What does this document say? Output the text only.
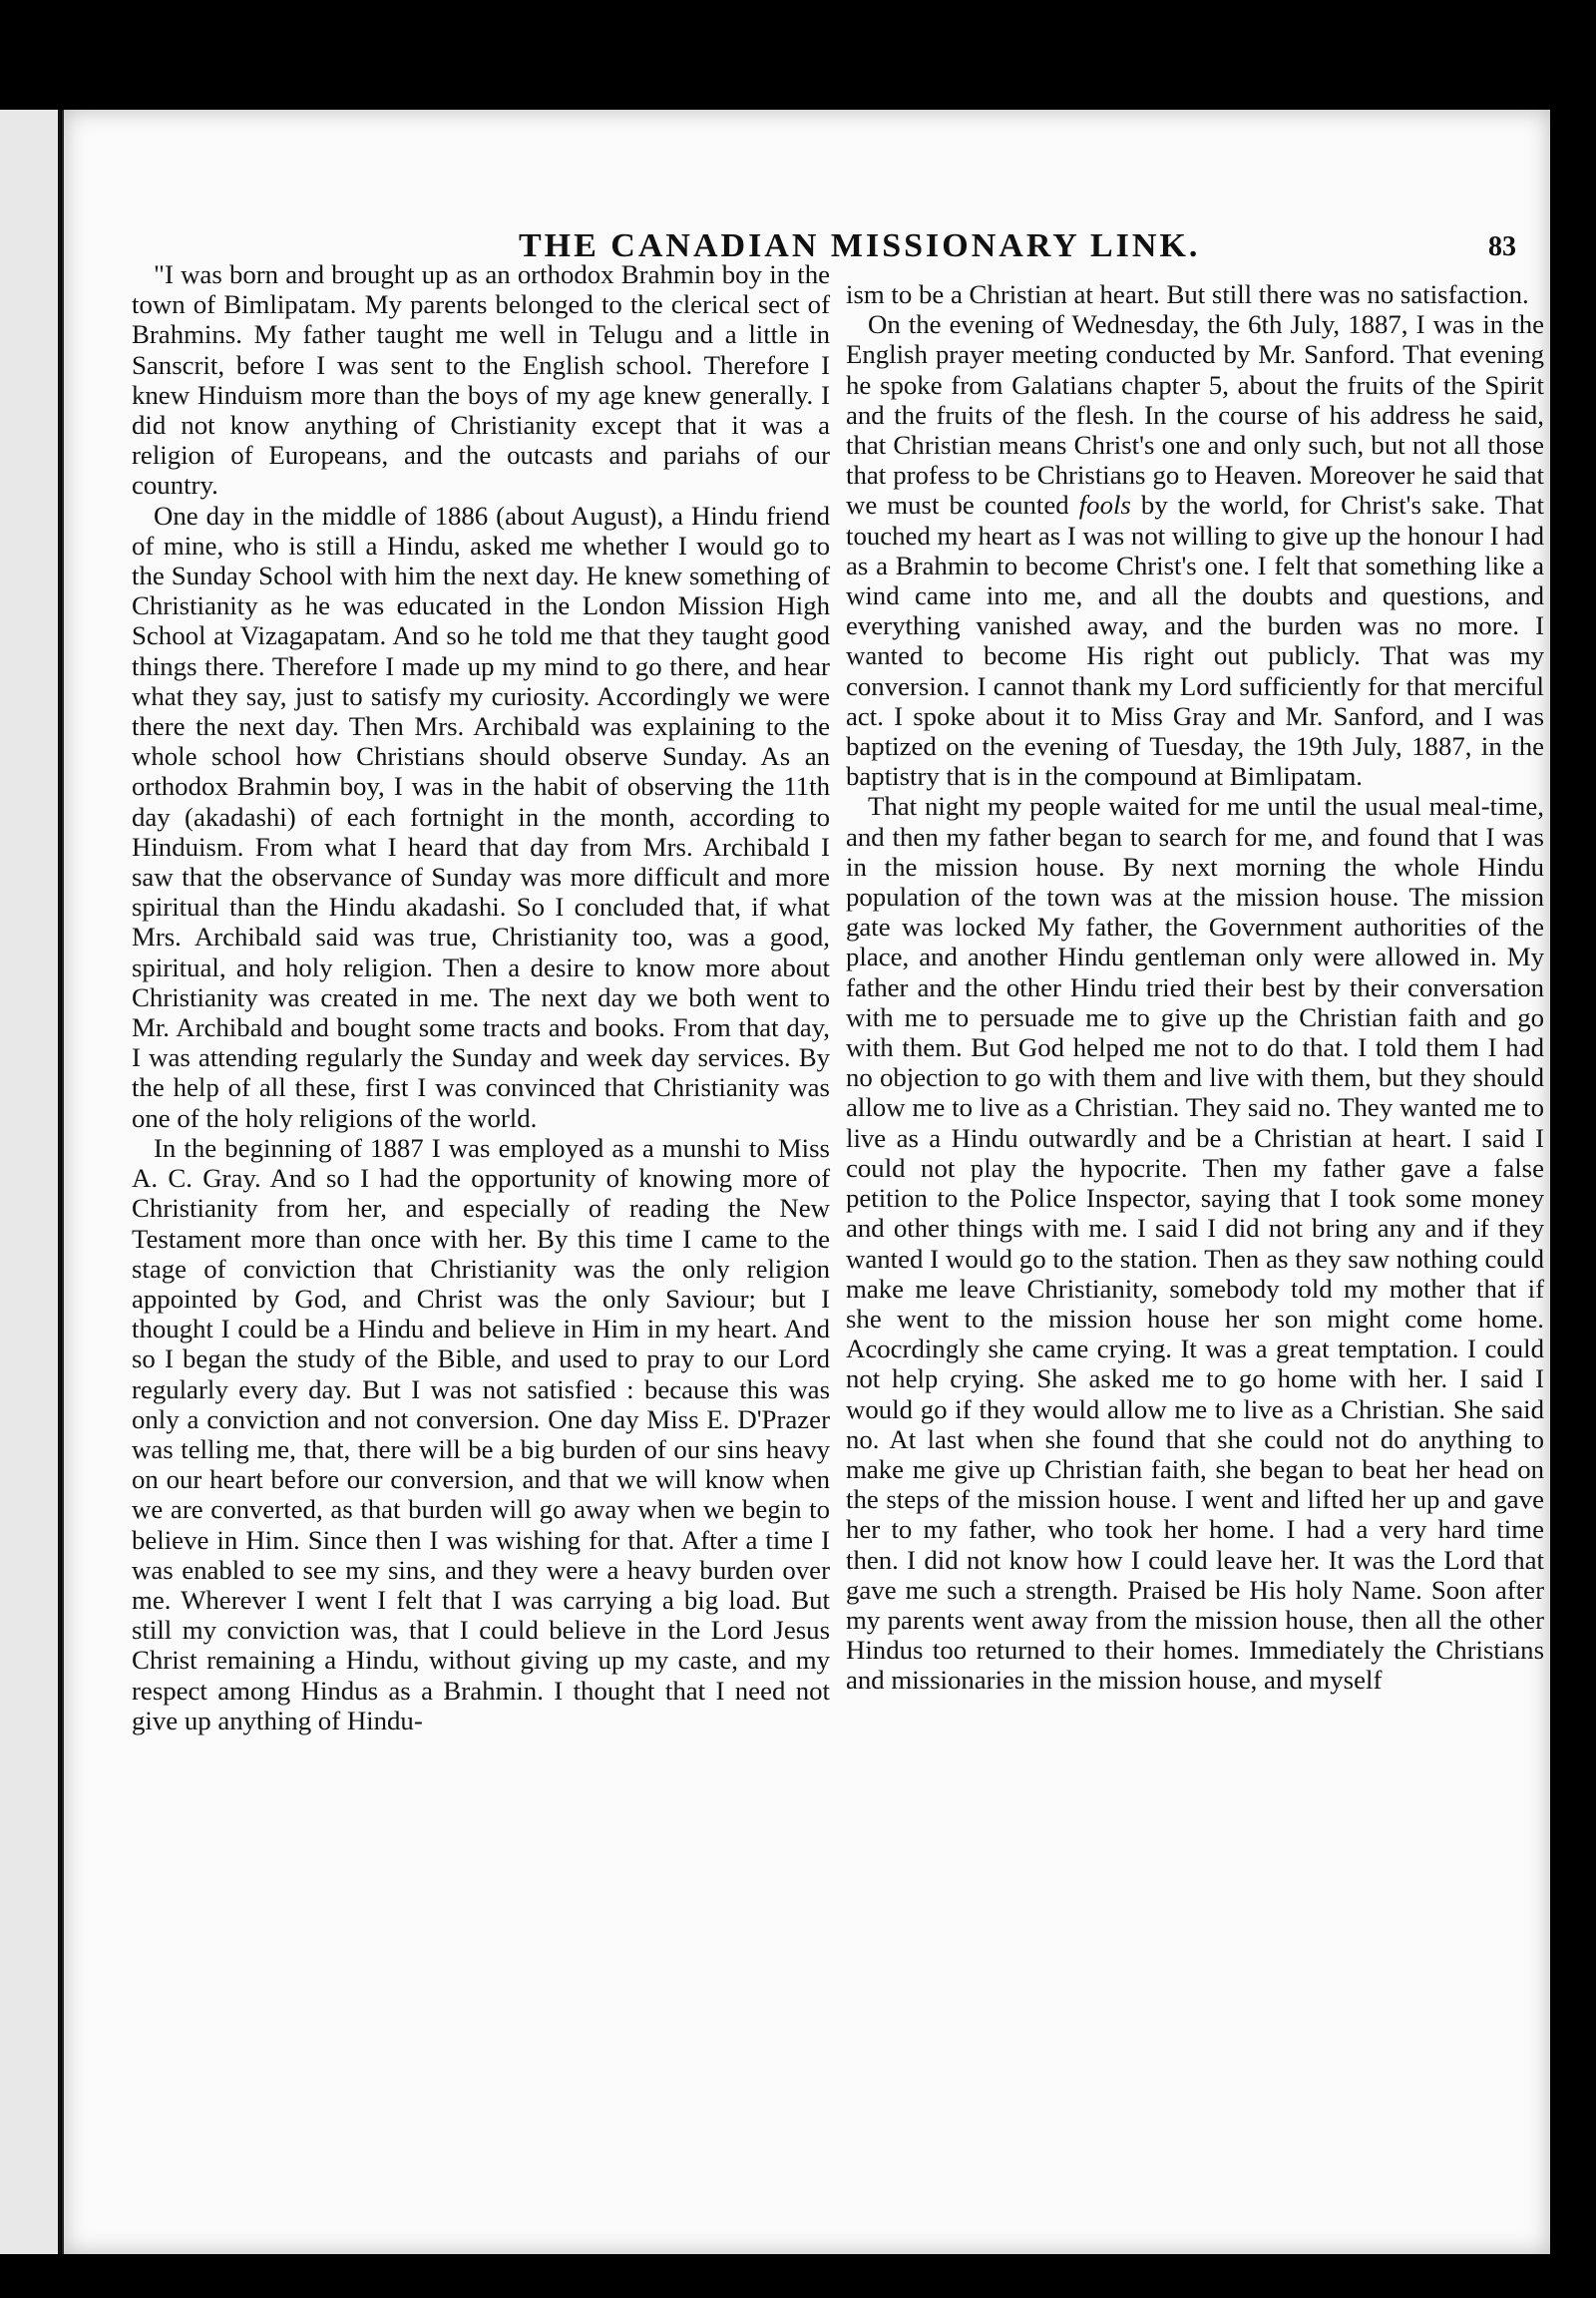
THE CANADIAN MISSIONARY LINK.	83

"I was born and brought up as an orthodox Brahmin boy in the town of Bimlipatam. My parents belonged to the clerical sect of Brahmins. My father taught me well in Telugu and a little in Sanscrit, before I was sent to the English school. Therefore I knew Hinduism more than the boys of my age knew generally. I did not know anything of Christianity except that it was a religion of Europeans, and the outcasts and pariahs of our country.

One day in the middle of 1886 (about August), a Hindu friend of mine, who is still a Hindu, asked me whether I would go to the Sunday School with him the next day. He knew something of Christianity as he was educated in the London Mission High School at Vizagapatam. And so he told me that they taught good things there. Therefore I made up my mind to go there, and hear what they say, just to satisfy my curiosity. Accordingly we were there the next day. Then Mrs. Archibald was explaining to the whole school how Christians should observe Sunday. As an orthodox Brahmin boy, I was in the habit of observing the 11th day (akadashi) of each fortnight in the month, according to Hinduism. From what I heard that day from Mrs. Archibald I saw that the observance of Sunday was more difficult and more spiritual than the Hindu akadashi. So I concluded that, if what Mrs. Archibald said was true, Christianity too, was a good, spiritual, and holy religion. Then a desire to know more about Christianity was created in me. The next day we both went to Mr. Archibald and bought some tracts and books. From that day, I was attending regularly the Sunday and week day services. By the help of all these, first I was convinced that Christianity was one of the holy religions of the world.

In the beginning of 1887 I was employed as a munshi to Miss A. C. Gray. And so I had the opportunity of knowing more of Christianity from her, and especially of reading the New Testament more than once with her. By this time I came to the stage of conviction that Christianity was the only religion appointed by God, and Christ was the only Saviour; but I thought I could be a Hindu and believe in Him in my heart. And so I began the study of the Bible, and used to pray to our Lord regularly every day. But I was not satisfied : because this was only a conviction and not conversion. One day Miss E. D'Prazer was telling me, that, there will be a big burden of our sins heavy on our heart before our conversion, and that we will know when we are converted, as that burden will go away when we begin to believe in Him. Since then I was wishing for that. After a time I was enabled to see my sins, and they were a heavy burden over me. Wherever I went I felt that I was carrying a big load. But still my conviction was, that I could believe in the Lord Jesus Christ remaining a Hindu, without giving up my caste, and my respect among Hindus as a Brahmin. I thought that I need not give up anything of Hindu-

ism to be a Christian at heart. But still there was no satisfaction.

On the evening of Wednesday, the 6th July, 1887, I was in the English prayer meeting conducted by Mr. Sanford. That evening he spoke from Galatians chapter 5, about the fruits of the Spirit and the fruits of the flesh. In the course of his address he said, that Christian means Christ's one and only such, but not all those that profess to be Christians go to Heaven. Moreover he said that we must be counted fools by the world, for Christ's sake. That touched my heart as I was not willing to give up the honour I had as a Brahmin to become Christ's one. I felt that something like a wind came into me, and all the doubts and questions, and everything vanished away, and the burden was no more. I wanted to become His right out publicly. That was my conversion. I cannot thank my Lord sufficiently for that merciful act. I spoke about it to Miss Gray and Mr. Sanford, and I was baptized on the evening of Tuesday, the 19th July, 1887, in the baptistry that is in the compound at Bimlipatam.

That night my people waited for me until the usual meal-time, and then my father began to search for me, and found that I was in the mission house. By next morning the whole Hindu population of the town was at the mission house. The mission gate was locked My father, the Government authorities of the place, and another Hindu gentleman only were allowed in. My father and the other Hindu tried their best by their conversation with me to persuade me to give up the Christian faith and go with them. But God helped me not to do that. I told them I had no objection to go with them and live with them, but they should allow me to live as a Christian. They said no. They wanted me to live as a Hindu outwardly and be a Christian at heart. I said I could not play the hypocrite. Then my father gave a false petition to the Police Inspector, saying that I took some money and other things with me. I said I did not bring any and if they wanted I would go to the station. Then as they saw nothing could make me leave Christianity, somebody told my mother that if she went to the mission house her son might come home. Acocrdingly she came crying. It was a great temptation. I could not help crying. She asked me to go home with her. I said I would go if they would allow me to live as a Christian. She said no. At last when she found that she could not do anything to make me give up Christian faith, she began to beat her head on the steps of the mission house. I went and lifted her up and gave her to my father, who took her home. I had a very hard time then. I did not know how I could leave her. It was the Lord that gave me such a strength. Praised be His holy Name. Soon after my parents went away from the mission house, then all the other Hindus too returned to their homes. Immediately the Christians and missionaries in the mission house, and myself
